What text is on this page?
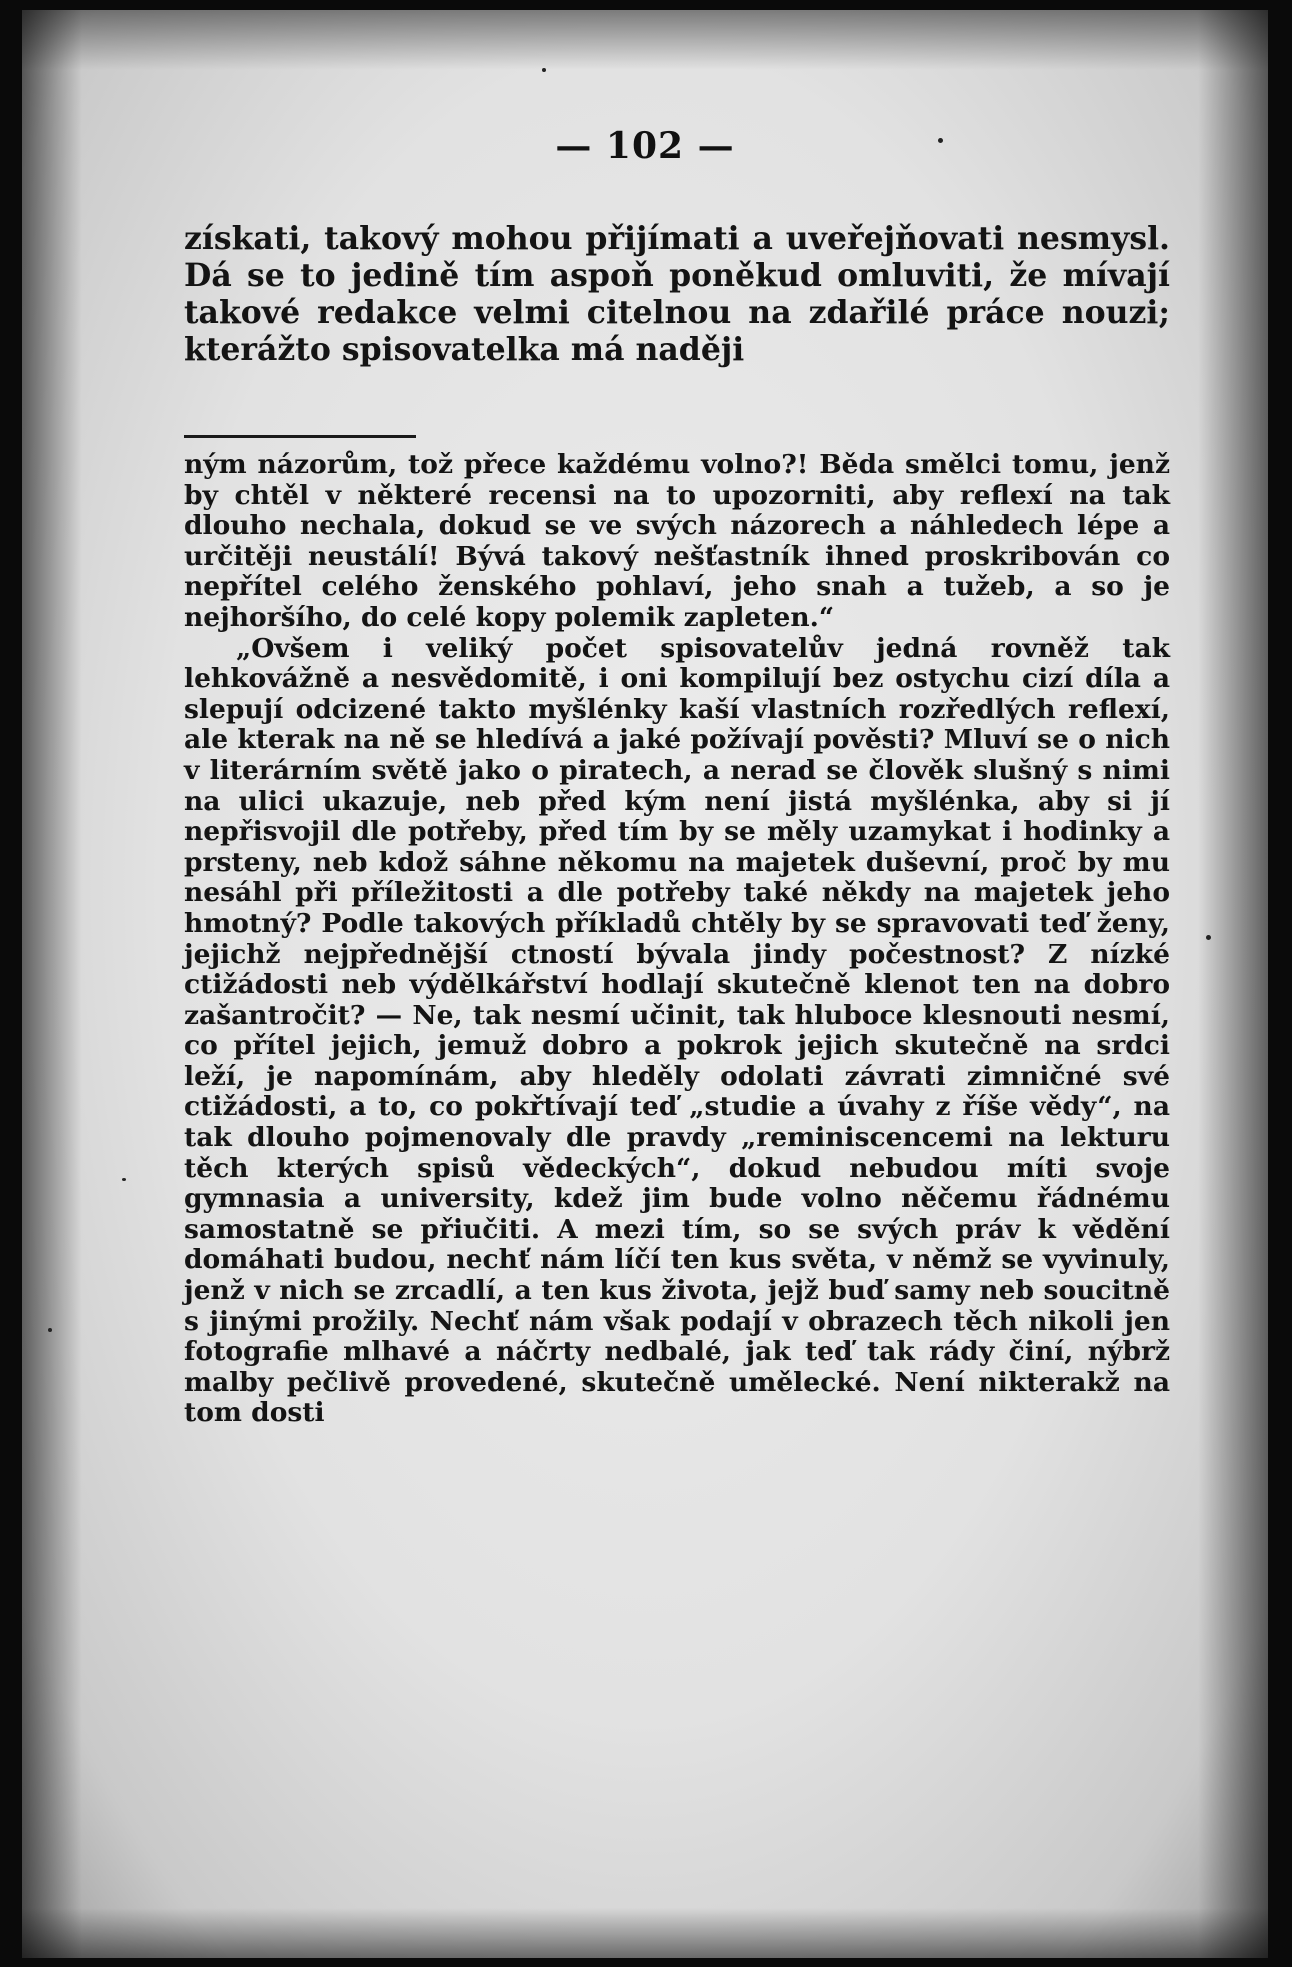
— 102 —

získati, takový mohou přijímati a uveřejňovati nesmysl. Dá se to jedině tím aspoň poněkud omluviti, že mívají takové redakce velmi citelnou na zdařilé práce nouzi; kterážto spisovatelka má naději

ným názorům, tož přece každému volno?! Běda smělci tomu, jenž by chtěl v některé recensi na to upozorniti, aby reflexí na tak dlouho nechala, dokud se ve svých názorech a náhledech lépe a určitěji neustálí! Bývá takový nešťastník ihned proskribován co nepřítel celého ženského pohlaví, jeho snah a tužeb, a so je nejhoršího, do celé kopy polemik zapleten.“

„Ovšem i veliký počet spisovatelův jedná rovněž tak lehkovážně a nesvědomitě, i oni kompilují bez ostychu cizí díla a slepují odcizené takto myšlénky kaší vlastních rozředlých reflexí, ale kterak na ně se hledívá a jaké požívají pověsti? Mluví se o nich v literárním světě jako o piratech, a nerad se člověk slušný s nimi na ulici ukazuje, neb před kým není jistá myšlénka, aby si jí nepřisvojil dle potřeby, před tím by se měly uzamykat i hodinky a prsteny, neb kdož sáhne někomu na majetek duševní, proč by mu nesáhl při příležitosti a dle potřeby také někdy na majetek jeho hmotný? Podle takových příkladů chtěly by se spravovati teď ženy, jejichž nejpřednější ctností bývala jindy počestnost? Z nízké ctižádosti neb výdělkářství hodlají skutečně klenot ten na dobro zašantročit? — Ne, tak nesmí učinit, tak hluboce klesnouti nesmí, co přítel jejich, jemuž dobro a pokrok jejich skutečně na srdci leží, je napomínám, aby hleděly odolati závrati zimničné své ctižádosti, a to, co pokřtívají teď „studie a úvahy z říše vědy“, na tak dlouho pojmenovaly dle pravdy „reminiscencemi na lekturu těch kterých spisů vědeckých“, dokud nebudou míti svoje gymnasia a university, kdež jim bude volno něčemu řádnému samostatně se přiučiti. A mezi tím, so se svých práv k vědění domáhati budou, nechť nám líčí ten kus světa, v němž se vyvinuly, jenž v nich se zrcadlí, a ten kus života, jejž buď samy neb soucitně s jinými prožily. Nechť nám však podají v obrazech těch nikoli jen fotografie mlhavé a náčrty nedbalé, jak teď tak rády činí, nýbrž malby pečlivě provedené, skutečně umělecké. Není nikterakž na tom dosti
